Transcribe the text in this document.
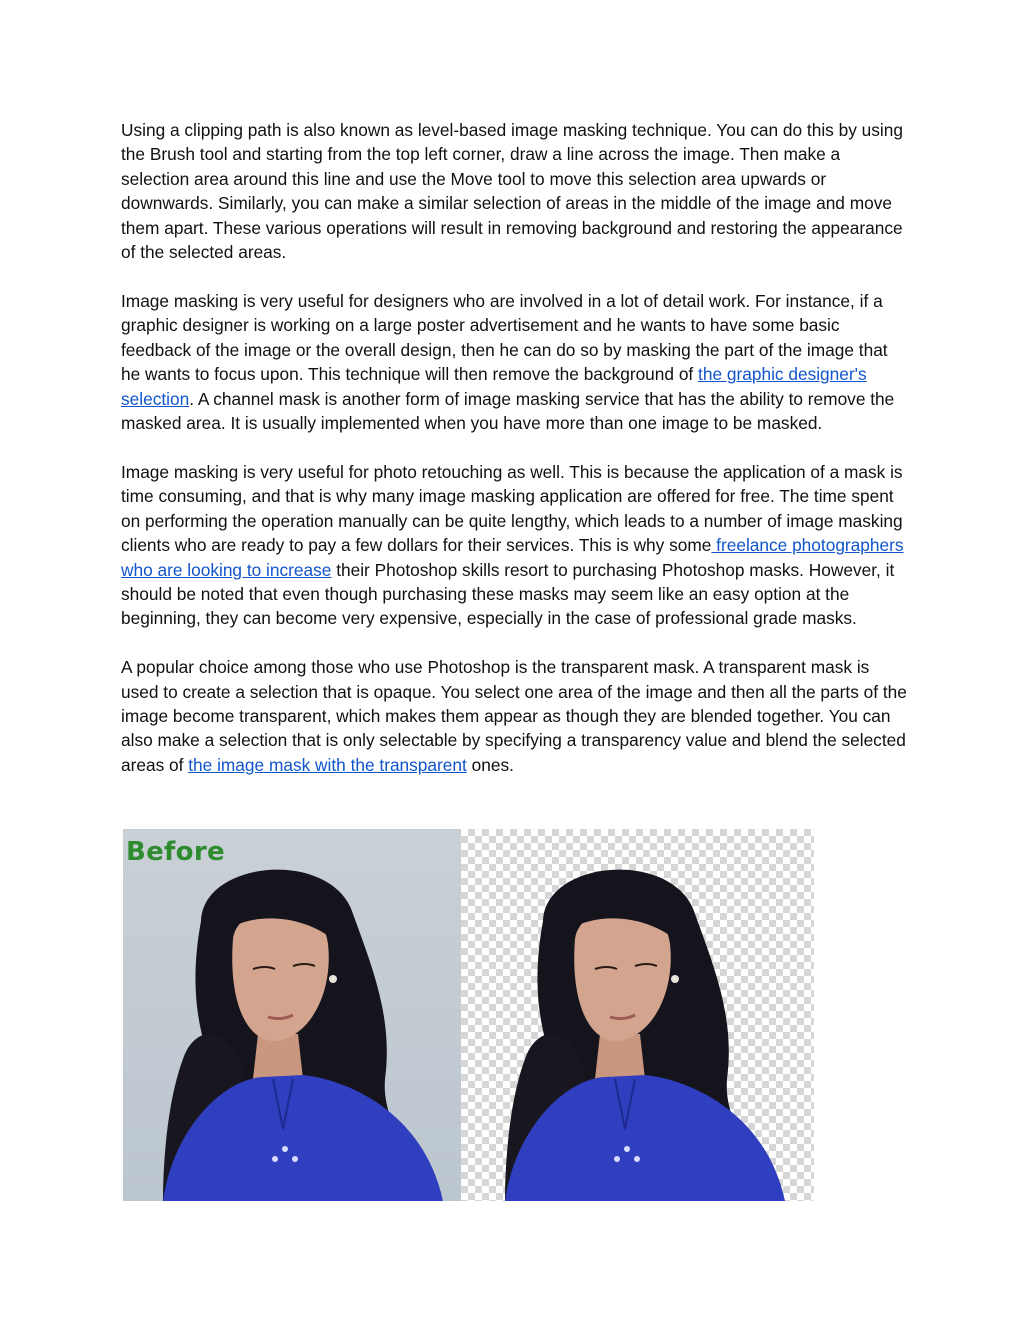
Using a clipping path is also known as level-based image masking technique. You can do this by using the Brush tool and starting from the top left corner, draw a line across the image. Then make a selection area around this line and use the Move tool to move this selection area upwards or downwards. Similarly, you can make a similar selection of areas in the middle of the image and move them apart. These various operations will result in removing background and restoring the appearance of the selected areas.

Image masking is very useful for designers who are involved in a lot of detail work. For instance, if a graphic designer is working on a large poster advertisement and he wants to have some basic feedback of the image or the overall design, then he can do so by masking the part of the image that he wants to focus upon. This technique will then remove the background of the graphic designer's selection. A channel mask is another form of image masking service that has the ability to remove the masked area. It is usually implemented when you have more than one image to be masked.

Image masking is very useful for photo retouching as well. This is because the application of a mask is time consuming, and that is why many image masking application are offered for free. The time spent on performing the operation manually can be quite lengthy, which leads to a number of image masking clients who are ready to pay a few dollars for their services. This is why some freelance photographers who are looking to increase their Photoshop skills resort to purchasing Photoshop masks. However, it should be noted that even though purchasing these masks may seem like an easy option at the beginning, they can become very expensive, especially in the case of professional grade masks.

A popular choice among those who use Photoshop is the transparent mask. A transparent mask is used to create a selection that is opaque. You select one area of the image and then all the parts of the image become transparent, which makes them appear as though they are blended together. You can also make a selection that is only selectable by specifying a transparency value and blend the selected areas of the image mask with the transparent ones.

Before
